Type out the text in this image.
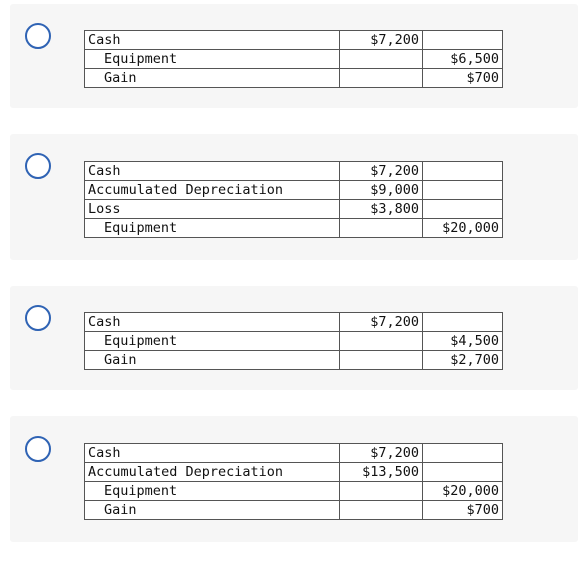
Cash	$7,200	
Equipment		$6,500
Gain		$700
Cash	$7,200	
Accumulated Depreciation	$9,000	
Loss	$3,800	
Equipment		$20,000
Cash	$7,200	
Equipment		$4,500
Gain		$2,700
Cash	$7,200	
Accumulated Depreciation	$13,500	
Equipment		$20,000
Gain		$700
